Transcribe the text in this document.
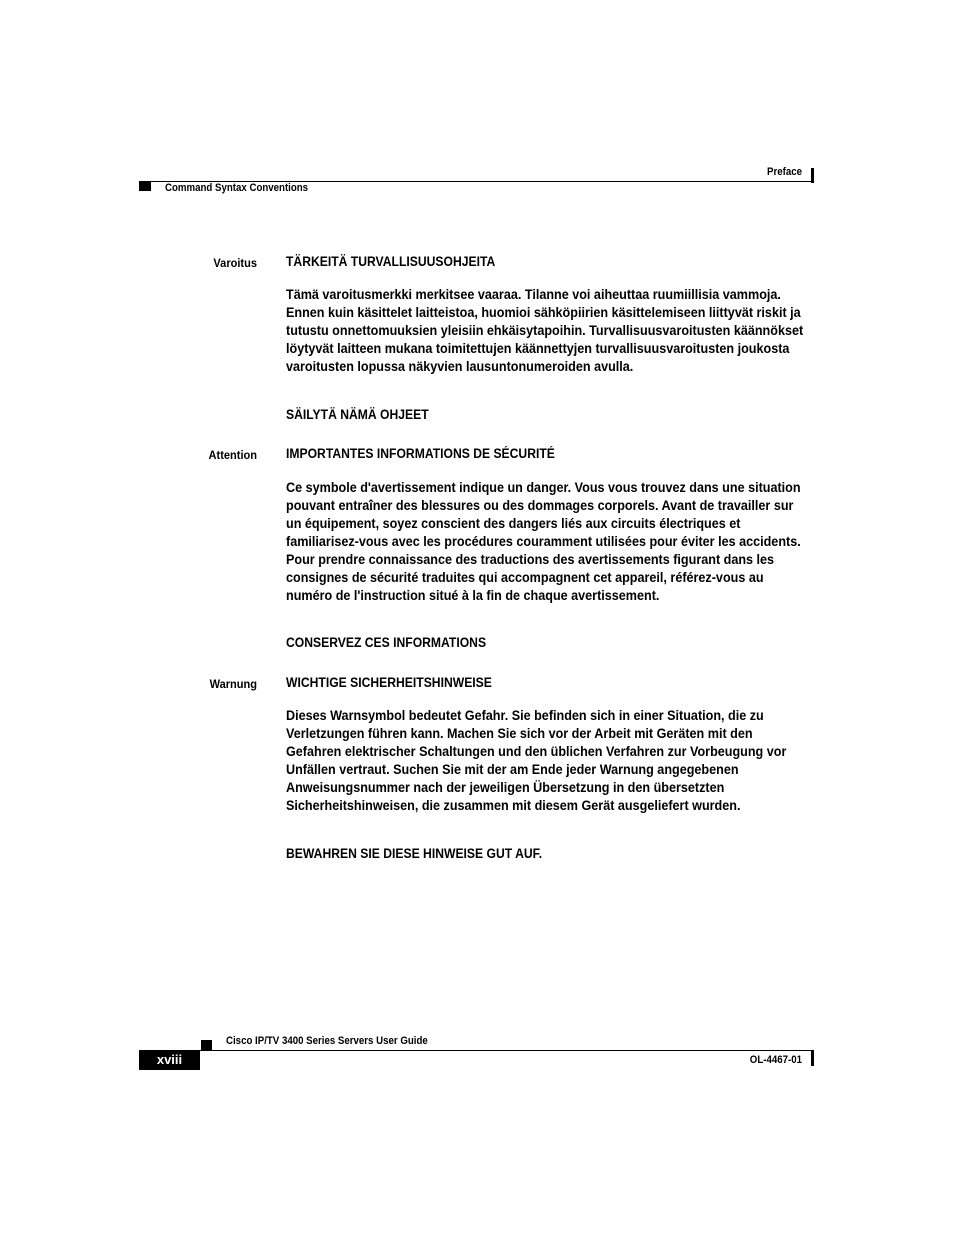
Preface
Command Syntax Conventions
Varoitus TÄRKEITÄ TURVALLISUUSOHJEITA

Tämä varoitusmerkki merkitsee vaaraa. Tilanne voi aiheuttaa ruumiillisia vammoja. Ennen kuin käsittelet laitteistoa, huomioi sähköpiirien käsittelemiseen liittyvät riskit ja tutustu onnettomuuksien yleisiin ehkäisytapoihin. Turvallisuusvaroitusten käännökset löytyvät laitteen mukana toimitettujen käännettyjen turvallisuusvaroitusten joukosta varoitusten lopussa näkyvien lausuntonumeroiden avulla.

SÄILYTÄ NÄMÄ OHJEET
Attention IMPORTANTES INFORMATIONS DE SÉCURITÉ

Ce symbole d'avertissement indique un danger. Vous vous trouvez dans une situation pouvant entraîner des blessures ou des dommages corporels. Avant de travailler sur un équipement, soyez conscient des dangers liés aux circuits électriques et familiarisez-vous avec les procédures couramment utilisées pour éviter les accidents. Pour prendre connaissance des traductions des avertissements figurant dans les consignes de sécurité traduites qui accompagnent cet appareil, référez-vous au numéro de l'instruction situé à la fin de chaque avertissement.

CONSERVEZ CES INFORMATIONS
Warnung WICHTIGE SICHERHEITSHINWEISE

Dieses Warnsymbol bedeutet Gefahr. Sie befinden sich in einer Situation, die zu Verletzungen führen kann. Machen Sie sich vor der Arbeit mit Geräten mit den Gefahren elektrischer Schaltungen und den üblichen Verfahren zur Vorbeugung vor Unfällen vertraut. Suchen Sie mit der am Ende jeder Warnung angegebenen Anweisungsnummer nach der jeweiligen Übersetzung in den übersetzten Sicherheitshinweisen, die zusammen mit diesem Gerät ausgeliefert wurden.

BEWAHREN SIE DIESE HINWEISE GUT AUF.
Cisco IP/TV 3400 Series Servers User Guide
xviii	OL-4467-01
